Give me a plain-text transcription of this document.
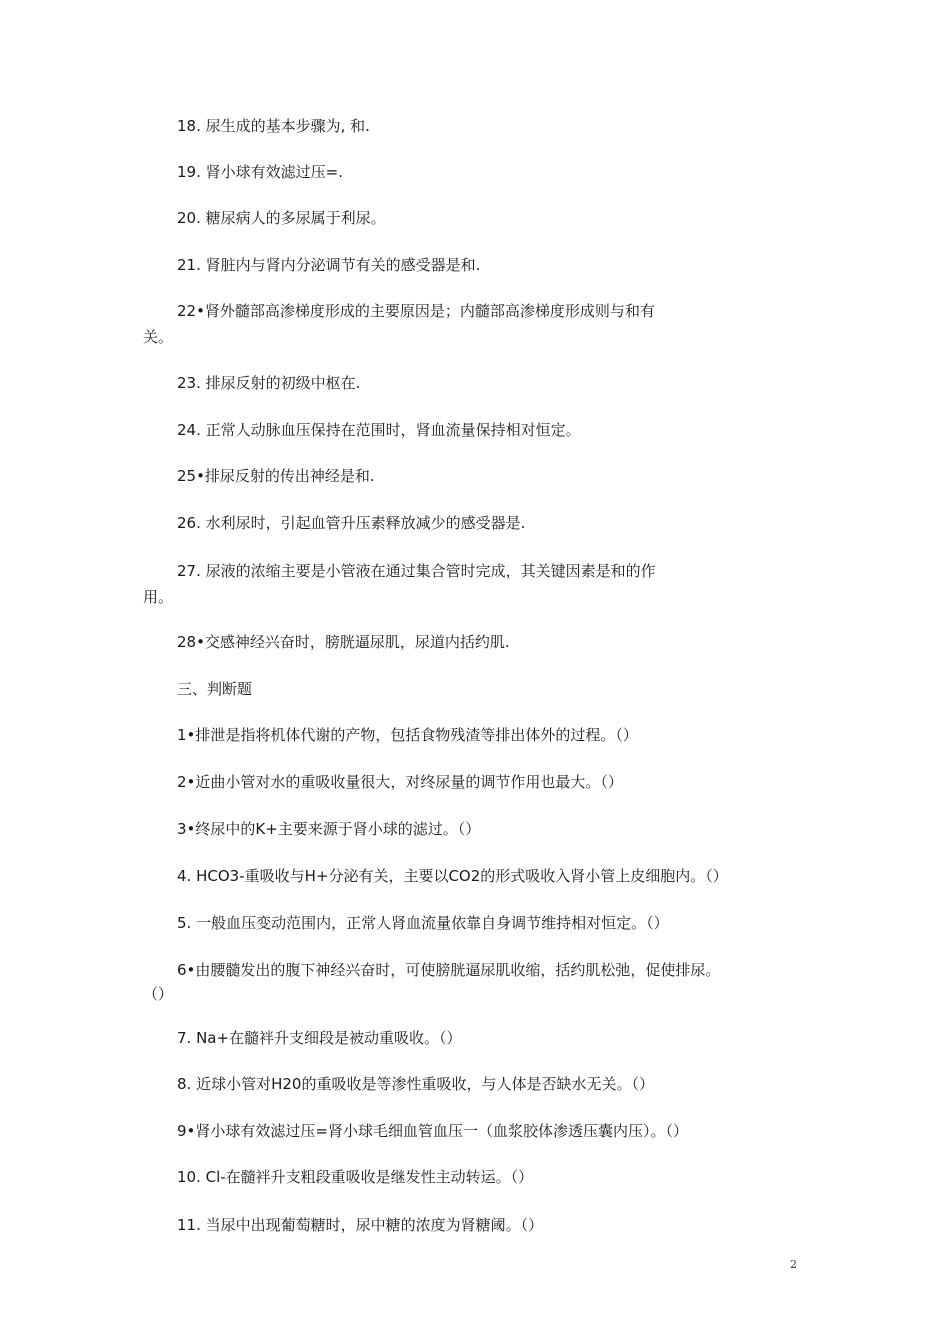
18. 尿生成的基本步骤为, 和.
19. 肾小球有效滤过压=.
20. 糖尿病人的多尿属于利尿。
21. 肾脏内与肾内分泌调节有关的感受器是和.
22•肾外髓部高渗梯度形成的主要原因是；内髓部高渗梯度形成则与和有
关。
23. 排尿反射的初级中枢在.
24. 正常人动脉血压保持在范围时，肾血流量保持相对恒定。
25•排尿反射的传出神经是和.
26. 水利尿时，引起血管升压素释放减少的感受器是.
27. 尿液的浓缩主要是小管液在通过集合管时完成，其关键因素是和的作
用。
28•交感神经兴奋时，膀胱逼尿肌，尿道内括约肌.
三、判断题
1•排泄是指将机体代谢的产物，包括食物残渣等排出体外的过程。（）
2•近曲小管对水的重吸收量很大，对终尿量的调节作用也最大。（）
3•终尿中的K+主要来源于肾小球的滤过。（）
4. HCO3-重吸收与H+分泌有关，主要以CO2的形式吸收入肾小管上皮细胞内。（）
5. 一般血压变动范围内，正常人肾血流量依靠自身调节维持相对恒定。（）
6•由腰髓发出的腹下神经兴奋时，可使膀胱逼尿肌收缩，括约肌松弛，促使排尿。
（）
7. Na+在髓袢升支细段是被动重吸收。（）
8. 近球小管对H20的重吸收是等渗性重吸收，与人体是否缺水无关。（）
9•肾小球有效滤过压=肾小球毛细血管血压一（血浆胶体渗透压囊内压）。（）
10. Cl-在髓袢升支粗段重吸收是继发性主动转运。（）
11. 当尿中出现葡萄糖时，尿中糖的浓度为肾糖阈。（）
2
